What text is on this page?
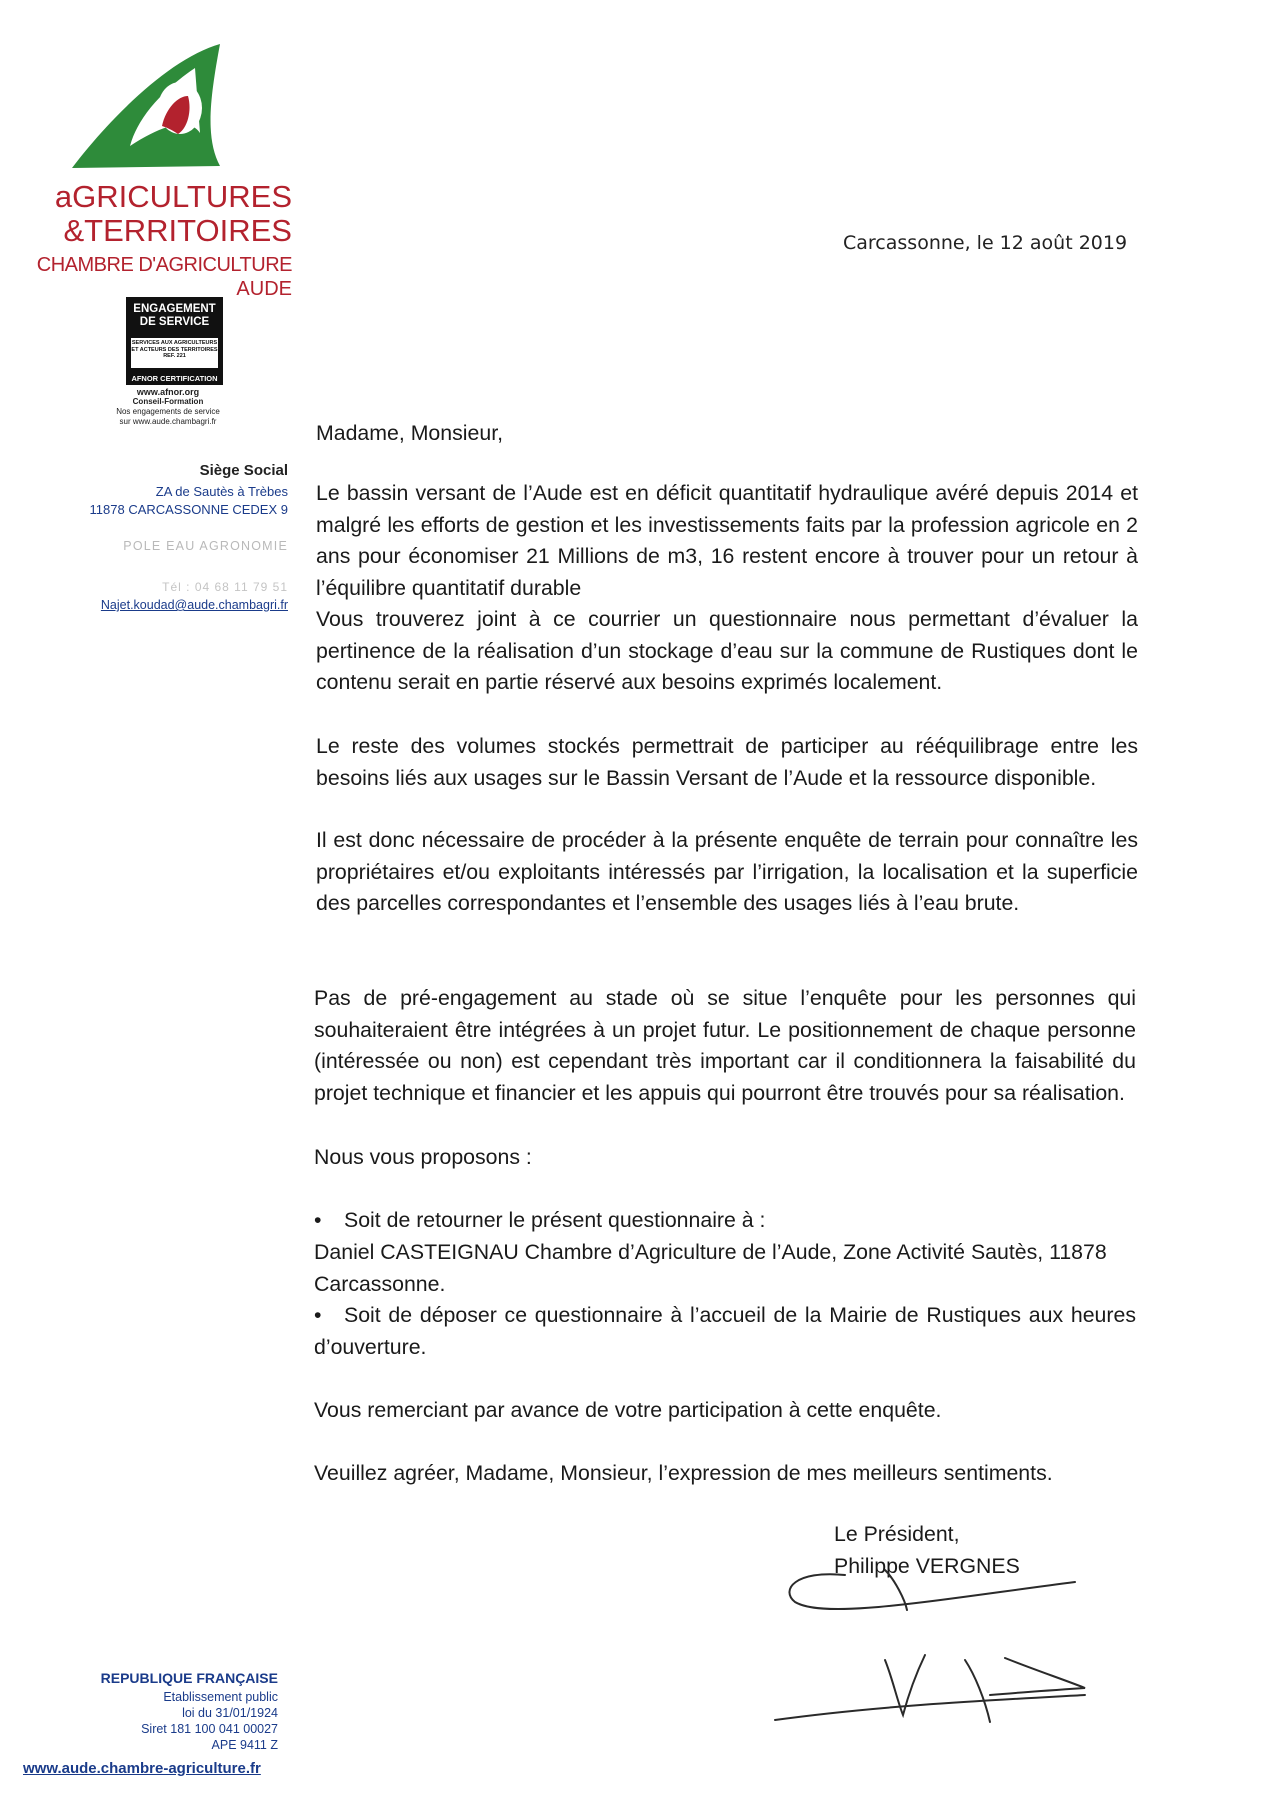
aGRICULTURES
&TERRITOIRES
CHAMBRE D'AGRICULTURE
AUDE
ENGAGEMENT
DE SERVICE
SERVICES AUX AGRICULTEURS
ET ACTEURS DES TERRITOIRES
REF. 221
AFNOR CERTIFICATION
www.afnor.org
Conseil-Formation
Nos engagements de service
sur www.aude.chambagri.fr
Siège Social
ZA de Sautès à Trèbes
11878 CARCASSONNE CEDEX 9
POLE EAU AGRONOMIE
Tél : 04 68 11 79 51
Najet.koudad@aude.chambagri.fr
REPUBLIQUE FRANÇAISE
Etablissement public
loi du 31/01/1924
Siret 181 100 041 00027
APE 9411 Z
www.aude.chambre-agriculture.fr
Carcassonne, le 12 août 2019

Madame, Monsieur,

Le bassin versant de l’Aude est en déficit quantitatif hydraulique avéré depuis 2014 et malgré les efforts de gestion et les investissements faits par la profession agricole en 2 ans pour économiser 21 Millions de m3, 16 restent encore à trouver pour un retour à l’équilibre quantitatif durable

Vous trouverez joint à ce courrier un questionnaire nous permettant d’évaluer la pertinence de la réalisation d’un stockage d’eau sur la commune de Rustiques dont le contenu serait en partie réservé aux besoins exprimés localement.

Le reste des volumes stockés permettrait de participer au rééquilibrage entre les besoins liés aux usages sur le Bassin Versant de l’Aude et la ressource disponible.

Il est donc nécessaire de procéder à la présente enquête de terrain pour connaître les propriétaires et/ou exploitants intéressés par l’irrigation, la localisation et la superficie des parcelles correspondantes et l’ensemble des usages liés à l’eau brute.

Pas de pré-engagement au stade où se situe l’enquête pour les personnes qui souhaiteraient être intégrées à un projet futur. Le positionnement de chaque personne (intéressée ou non) est cependant très important car il conditionnera la faisabilité du projet technique et financier et les appuis qui pourront être trouvés pour sa réalisation.

Nous vous proposons :

• Soit de retourner le présent questionnaire à :

Daniel CASTEIGNAU Chambre d’Agriculture de l’Aude, Zone Activité Sautès, 11878 Carcassonne.

• Soit de déposer ce questionnaire à l’accueil de la Mairie de Rustiques aux heures d’ouverture.

Vous remerciant par avance de votre participation à cette enquête.

Veuillez agréer, Madame, Monsieur, l’expression de mes meilleurs sentiments.

Le Président,
Philippe VERGNES
